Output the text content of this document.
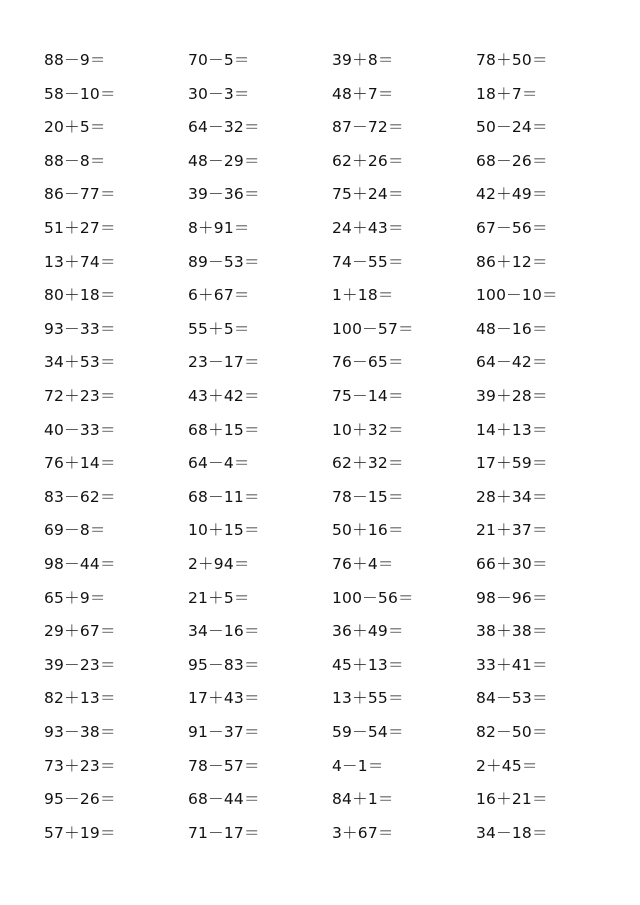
88－9＝	70－5＝	39＋8＝	78＋50＝
58－10＝	30－3＝	48＋7＝	18＋7＝
20＋5＝	64－32＝	87－72＝	50－24＝
88－8＝	48－29＝	62＋26＝	68－26＝
86－77＝	39－36＝	75＋24＝	42＋49＝
51＋27＝	8＋91＝	24＋43＝	67－56＝
13＋74＝	89－53＝	74－55＝	86＋12＝
80＋18＝	6＋67＝	1＋18＝	100－10＝
93－33＝	55＋5＝	100－57＝	48－16＝
34＋53＝	23－17＝	76－65＝	64－42＝
72＋23＝	43＋42＝	75－14＝	39＋28＝
40－33＝	68＋15＝	10＋32＝	14＋13＝
76＋14＝	64－4＝	62＋32＝	17＋59＝
83－62＝	68－11＝	78－15＝	28＋34＝
69－8＝	10＋15＝	50＋16＝	21＋37＝
98－44＝	2＋94＝	76＋4＝	66＋30＝
65＋9＝	21＋5＝	100－56＝	98－96＝
29＋67＝	34－16＝	36＋49＝	38＋38＝
39－23＝	95－83＝	45＋13＝	33＋41＝
82＋13＝	17＋43＝	13＋55＝	84－53＝
93－38＝	91－37＝	59－54＝	82－50＝
73＋23＝	78－57＝	4－1＝	2＋45＝
95－26＝	68－44＝	84＋1＝	16＋21＝
57＋19＝	71－17＝	3＋67＝	34－18＝
